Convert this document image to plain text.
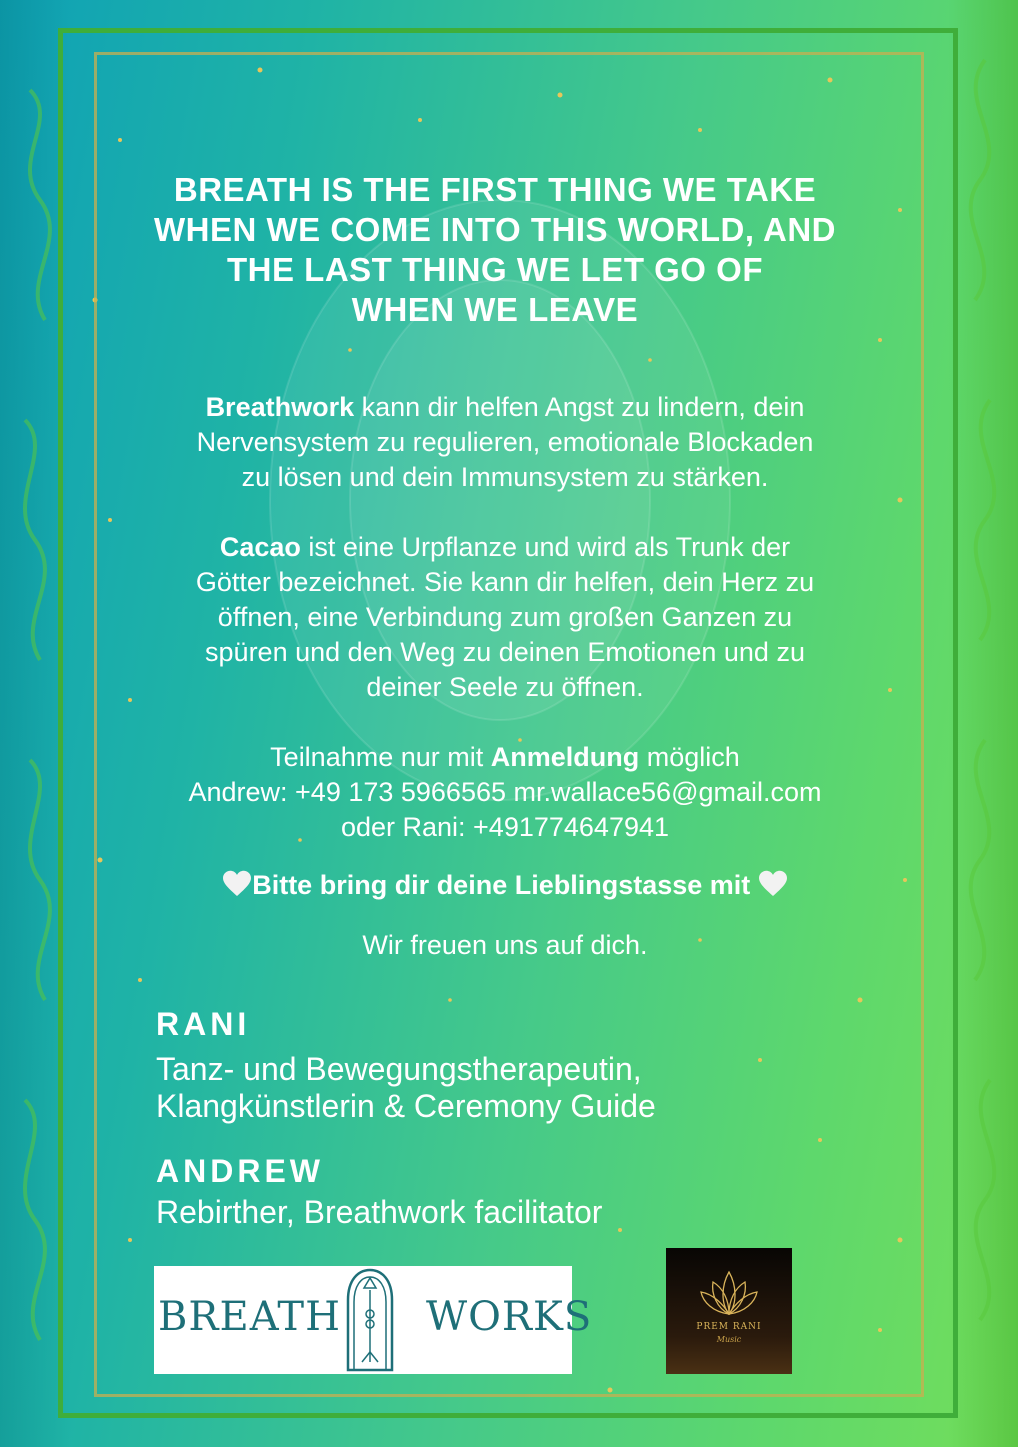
BREATH IS THE FIRST THING WE TAKE
WHEN WE COME INTO THIS WORLD, AND
THE LAST THING WE LET GO OF
WHEN WE LEAVE
Breathwork kann dir helfen Angst zu lindern, dein
Nervensystem zu regulieren, emotionale Blockaden
zu lösen und dein Immunsystem zu stärken.
Cacao ist eine Urpflanze und wird als Trunk der
Götter bezeichnet. Sie kann dir helfen, dein Herz zu
öffnen, eine Verbindung zum großen Ganzen zu
spüren und den Weg zu deinen Emotionen und zu
deiner Seele zu öffnen.
Teilnahme nur mit Anmeldung möglich
Andrew: +49 173 5966565 mr.wallace56@gmail.com
oder Rani: +491774647941
Bitte bring dir deine Lieblingstasse mit
Wir freuen uns auf dich.
RANI
Tanz- und Bewegungstherapeutin,
Klangkünstlerin & Ceremony Guide
ANDREW
Rebirther, Breathwork facilitator
BREATH WORKS	PREM RANI
Music
